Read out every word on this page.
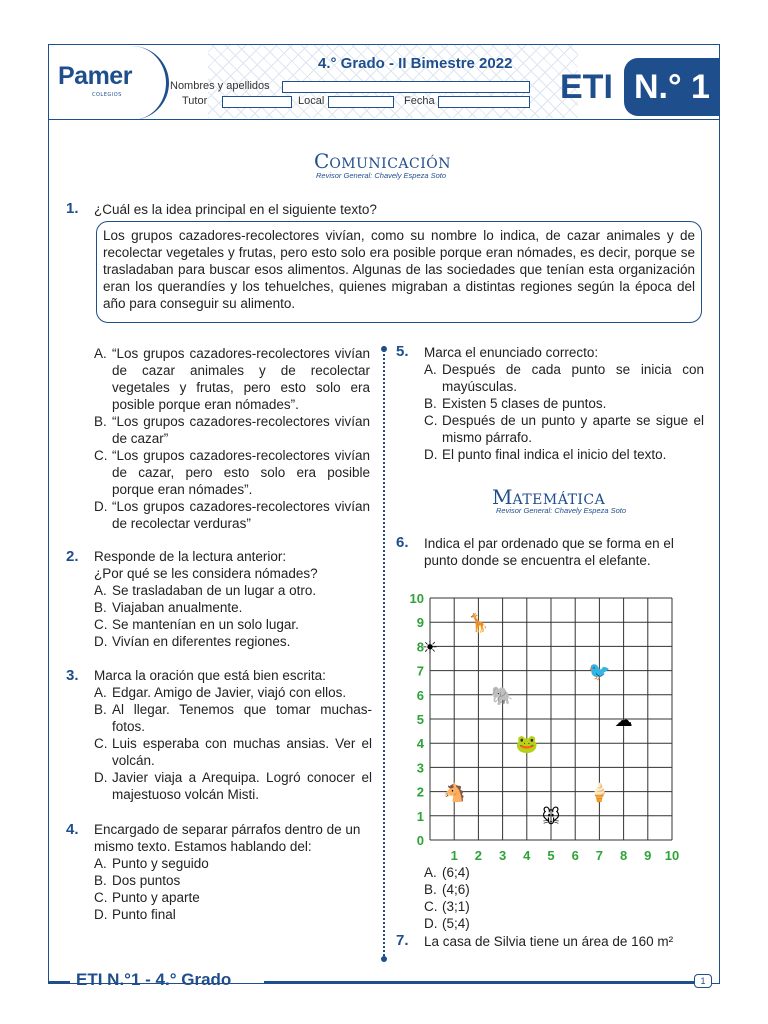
Pamer
COLEGIOS
4.° Grado - II Bimestre 2022
Nombres y apellidos
Tutor	Local	Fecha	ETI N.° 1
COMUNICACIÓN
Revisor General: Chavely Espeza Soto
1. ¿Cuál es la idea principal en el siguiente texto?
Los grupos cazadores-recolectores vivían, como su nombre lo indica, de cazar animales y de recolectar vegetales y frutas, pero esto solo era posible porque eran nómades, es decir, porque se trasladaban para buscar esos alimentos. Algunas de las sociedades que tenían esta organización eran los querandíes y los tehuelches, quienes migraban a distintas regiones según la época del año para conseguir su alimento.
A. “Los grupos cazadores-recolectores vivían de cazar animales y de recolectar vegetales y frutas, pero esto solo era posible porque eran nómades”.
B. “Los grupos cazadores-recolectores vivían de cazar”
C. “Los grupos cazadores-recolectores vivían de cazar, pero esto solo era posible porque eran nómades”.
D. “Los grupos cazadores-recolectores vivían de recolectar verduras”
2. Responde de la lectura anterior:
¿Por qué se les considera nómades?
A. Se trasladaban de un lugar a otro.
B. Viajaban anualmente.
C. Se mantenían en un solo lugar.
D. Vivían en diferentes regiones.
3. Marca la oración que está bien escrita:
A. Edgar. Amigo de Javier, viajó con ellos.
B. Al llegar. Tenemos que tomar muchas-fotos.
C. Luis esperaba con muchas ansias. Ver el volcán.
D. Javier viaja a Arequipa. Logró conocer el majestuoso volcán Misti.
4. Encargado de separar párrafos dentro de un mismo texto. Estamos hablando del:
A. Punto y seguido
B. Dos puntos
C. Punto y aparte
D. Punto final
5. Marca el enunciado correcto:
A. Después de cada punto se inicia con mayúsculas.
B. Existen 5 clases de puntos.
C. Después de un punto y aparte se sigue el mismo párrafo.
D. El punto final indica el inicio del texto.
MATEMÁTICA
Revisor General: Chavely Espeza Soto
6. Indica el par ordenado que se forma en el punto donde se encuentra el elefante.
1 2 3 4 5 6 7 8 9 10
0
1
2
3
4
5
6
7
8
9
10
🦒
☀
🐦
🐘
☁
🐸
🐴	🍦
🐭
A. (6;4)
B. (4;6)
C. (3;1)
D. (5;4)
7. La casa de Silvia tiene un área de 160 m²
ETI N.°1 - 4.° Grado	1
